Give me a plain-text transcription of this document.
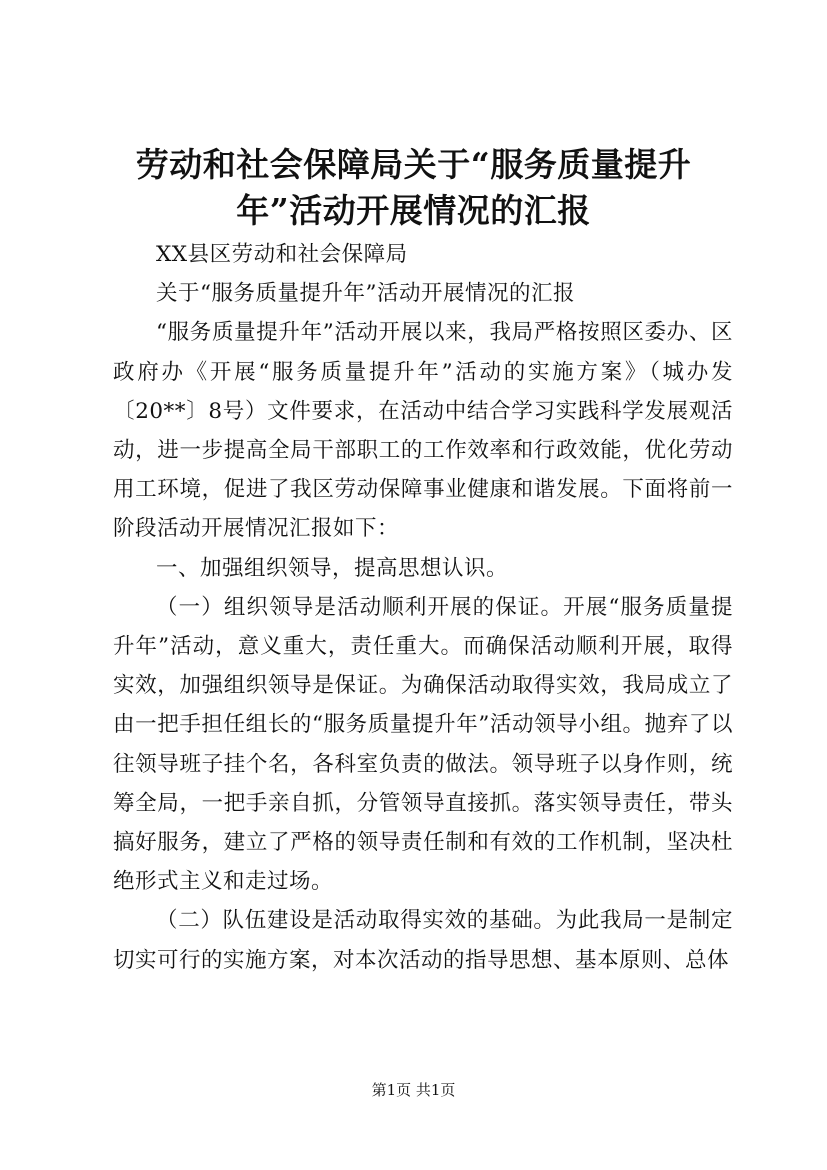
劳动和社会保障局关于“服务质量提升年”活动开展情况的汇报

XX县区劳动和社会保障局

关于“服务质量提升年”活动开展情况的汇报

“服务质量提升年”活动开展以来，我局严格按照区委办、区政府办《开展“服务质量提升年”活动的实施方案》（城办发〔20**〕8号）文件要求，在活动中结合学习实践科学发展观活动，进一步提高全局干部职工的工作效率和行政效能，优化劳动用工环境，促进了我区劳动保障事业健康和谐发展。下面将前一阶段活动开展情况汇报如下：

一、加强组织领导，提高思想认识。

（一）组织领导是活动顺利开展的保证。开展“服务质量提升年”活动，意义重大，责任重大。而确保活动顺利开展，取得实效，加强组织领导是保证。为确保活动取得实效，我局成立了由一把手担任组长的“服务质量提升年”活动领导小组。抛弃了以往领导班子挂个名，各科室负责的做法。领导班子以身作则，统筹全局，一把手亲自抓，分管领导直接抓。落实领导责任，带头搞好服务，建立了严格的领导责任制和有效的工作机制，坚决杜绝形式主义和走过场。

（二）队伍建设是活动取得实效的基础。为此我局一是制定切实可行的实施方案，对本次活动的指导思想、基本原则、总体

第1页 共1页
